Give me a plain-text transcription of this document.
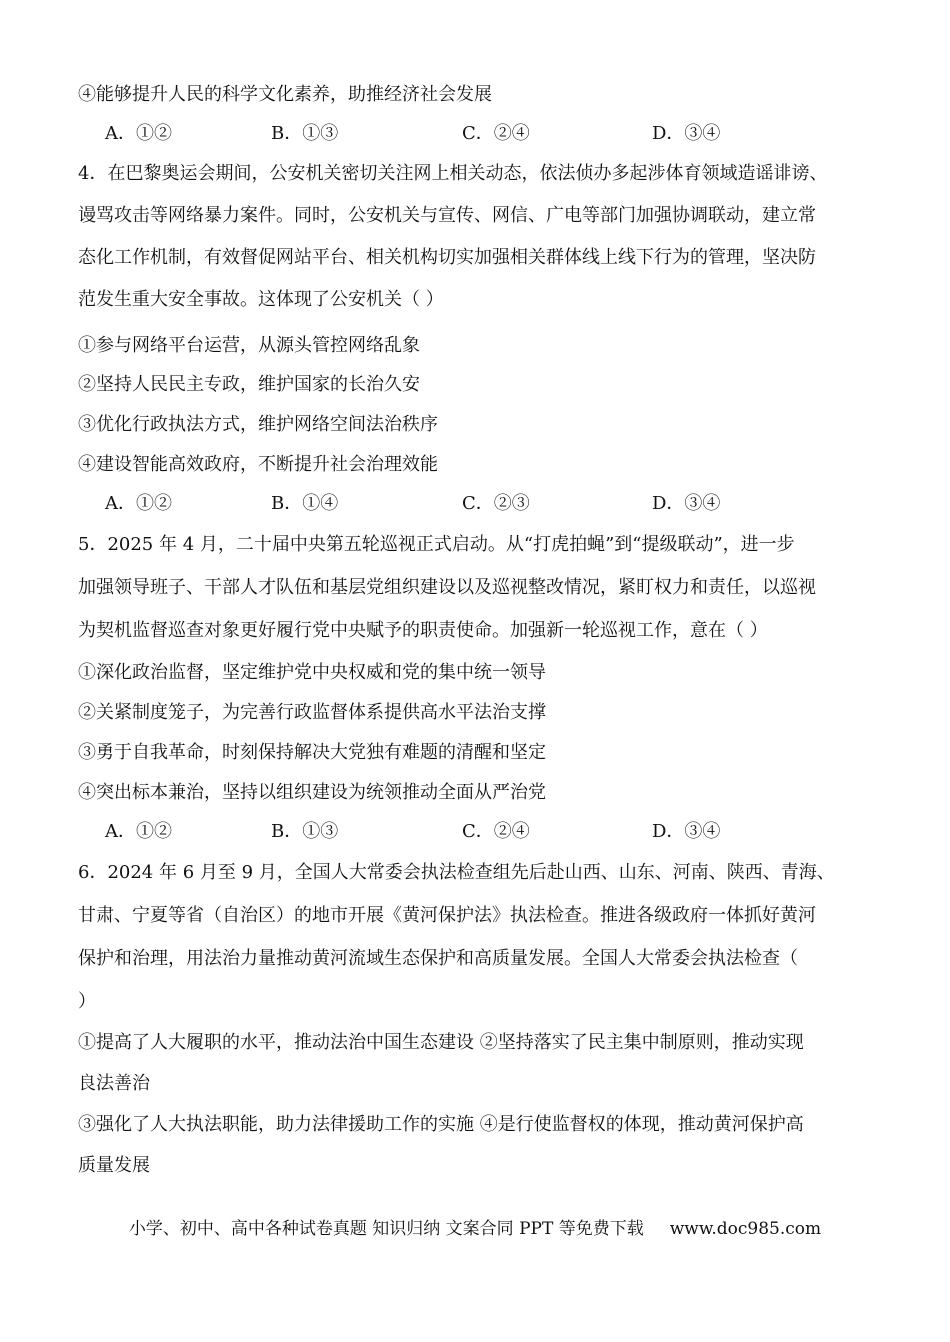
④能够提升人民的科学文化素养，助推经济社会发展
A．①②	B．①③	C．②④	D．③④
4．在巴黎奥运会期间，公安机关密切关注网上相关动态，依法侦办多起涉体育领域造谣诽谤、
谩骂攻击等网络暴力案件。同时，公安机关与宣传、网信、广电等部门加强协调联动，建立常
态化工作机制，有效督促网站平台、相关机构切实加强相关群体线上线下行为的管理，坚决防
范发生重大安全事故。这体现了公安机关（ ）
①参与网络平台运营，从源头管控网络乱象
②坚持人民民主专政，维护国家的长治久安
③优化行政执法方式，维护网络空间法治秩序
④建设智能高效政府，不断提升社会治理效能
A．①②	B．①④	C．②③	D．③④
5．2025 年 4 月，二十届中央第五轮巡视正式启动。从“打虎拍蝇”到“提级联动”，进一步
加强领导班子、干部人才队伍和基层党组织建设以及巡视整改情况，紧盯权力和责任，以巡视
为契机监督巡查对象更好履行党中央赋予的职责使命。加强新一轮巡视工作，意在（ ）
①深化政治监督，坚定维护党中央权威和党的集中统一领导
②关紧制度笼子，为完善行政监督体系提供高水平法治支撑
③勇于自我革命，时刻保持解决大党独有难题的清醒和坚定
④突出标本兼治，坚持以组织建设为统领推动全面从严治党
A．①②	B．①③	C．②④	D．③④
6．2024 年 6 月至 9 月，全国人大常委会执法检查组先后赴山西、山东、河南、陕西、青海、
甘肃、宁夏等省（自治区）的地市开展《黄河保护法》执法检查。推进各级政府一体抓好黄河
保护和治理，用法治力量推动黄河流域生态保护和高质量发展。全国人大常委会执法检查（
）
①提高了人大履职的水平，推动法治中国生态建设 ②坚持落实了民主集中制原则，推动实现
良法善治
③强化了人大执法职能，助力法律援助工作的实施 ④是行使监督权的体现，推动黄河保护高
质量发展
小学、初中、高中各种试卷真题 知识归纳 文案合同 PPT 等免费下载 www.doc985.com
